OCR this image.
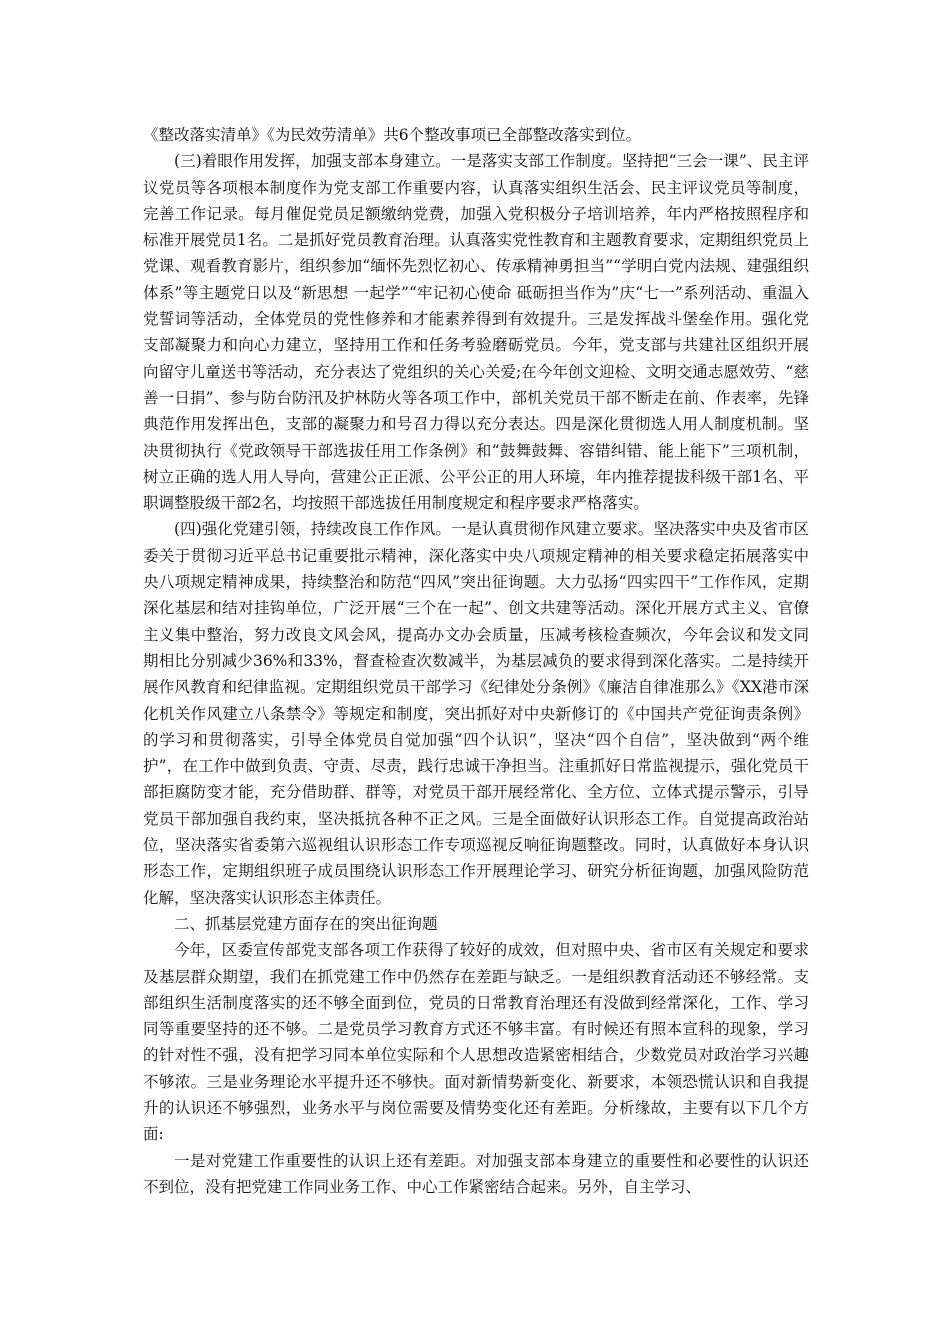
《整改落实清单》《为民效劳清单》共6个整改事项已全部整改落实到位。

(三)着眼作用发挥，加强支部本身建立。一是落实支部工作制度。坚持把“三会一课”、民主评议党员等各项根本制度作为党支部工作重要内容，认真落实组织生活会、民主评议党员等制度，完善工作记录。每月催促党员足额缴纳党费，加强入党积极分子培训培养，年内严格按照程序和标准开展党员1名。二是抓好党员教育治理。认真落实党性教育和主题教育要求，定期组织党员上党课、观看教育影片，组织参加“缅怀先烈忆初心、传承精神勇担当”“学明白党内法规、建强组织体系”等主题党日以及“新思想 一起学”“牢记初心使命 砥砺担当作为”庆“七一”系列活动、重温入党誓词等活动，全体党员的党性修养和才能素养得到有效提升。三是发挥战斗堡垒作用。强化党支部凝聚力和向心力建立，坚持用工作和任务考验磨砺党员。今年，党支部与共建社区组织开展向留守儿童送书等活动，充分表达了党组织的关心关爱;在今年创文迎检、文明交通志愿效劳、“慈善一日捐”、参与防台防汛及护林防火等各项工作中，部机关党员干部不断走在前、作表率，先锋典范作用发挥出色，支部的凝聚力和号召力得以充分表达。四是深化贯彻选人用人制度机制。坚决贯彻执行《党政领导干部选拔任用工作条例》和“鼓舞鼓舞、容错纠错、能上能下”三项机制，树立正确的选人用人导向，营建公正正派、公平公正的用人环境，年内推荐提拔科级干部1名、平职调整股级干部2名，均按照干部选拔任用制度规定和程序要求严格落实。

(四)强化党建引领，持续改良工作作风。一是认真贯彻作风建立要求。坚决落实中央及省市区委关于贯彻习近平总书记重要批示精神，深化落实中央八项规定精神的相关要求稳定拓展落实中央八项规定精神成果，持续整治和防范“四风”突出征询题。大力弘扬“四实四干”工作作风，定期深化基层和结对挂钩单位，广泛开展“三个在一起”、创文共建等活动。深化开展方式主义、官僚主义集中整治，努力改良文风会风，提高办文办会质量，压减考核检查频次，今年会议和发文同期相比分别减少36%和33%，督查检查次数减半，为基层减负的要求得到深化落实。二是持续开展作风教育和纪律监视。定期组织党员干部学习《纪律处分条例》《廉洁自律准那么》《XX港市深化机关作风建立八条禁令》等规定和制度，突出抓好对中央新修订的《中国共产党征询责条例》的学习和贯彻落实，引导全体党员自觉加强“四个认识”，坚决“四个自信”，坚决做到“两个维护”，在工作中做到负责、守责、尽责，践行忠诚干净担当。注重抓好日常监视提示，强化党员干部拒腐防变才能，充分借助群、群等，对党员干部开展经常化、全方位、立体式提示警示，引导党员干部加强自我约束，坚决抵抗各种不正之风。三是全面做好认识形态工作。自觉提高政治站位，坚决落实省委第六巡视组认识形态工作专项巡视反响征询题整改。同时，认真做好本身认识形态工作，定期组织班子成员围绕认识形态工作开展理论学习、研究分析征询题，加强风险防范化解，坚决落实认识形态主体责任。

二、抓基层党建方面存在的突出征询题

今年，区委宣传部党支部各项工作获得了较好的成效，但对照中央、省市区有关规定和要求及基层群众期望，我们在抓党建工作中仍然存在差距与缺乏。一是组织教育活动还不够经常。支部组织生活制度落实的还不够全面到位，党员的日常教育治理还有没做到经常深化，工作、学习同等重要坚持的还不够。二是党员学习教育方式还不够丰富。有时候还有照本宣科的现象，学习的针对性不强，没有把学习同本单位实际和个人思想改造紧密相结合，少数党员对政治学习兴趣不够浓。三是业务理论水平提升还不够快。面对新情势新变化、新要求，本领恐慌认识和自我提升的认识还不够强烈，业务水平与岗位需要及情势变化还有差距。分析缘故，主要有以下几个方面:

一是对党建工作重要性的认识上还有差距。对加强支部本身建立的重要性和必要性的认识还不到位，没有把党建工作同业务工作、中心工作紧密结合起来。另外，自主学习、
